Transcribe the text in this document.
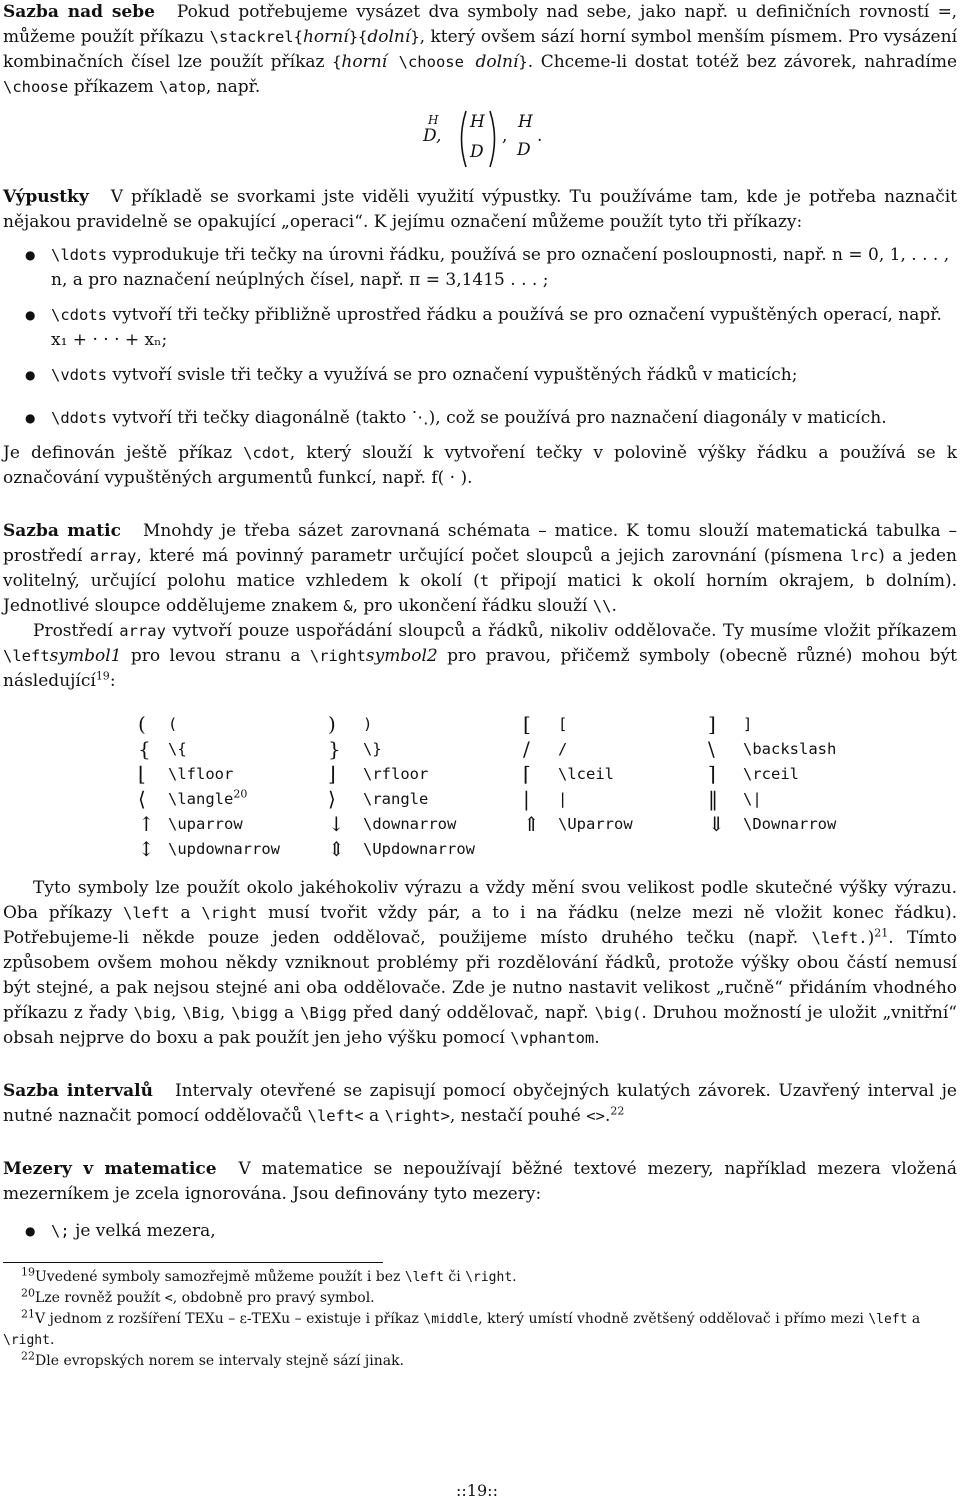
Sazba nad sebe Pokud potřebujeme vysázet dva symboly nad sebe, jako např. u definičních rovností
=, můžeme použít příkazu \stackrel{horní}{dolní}, který ovšem sází horní symbol menším písmem. Pro vysázení kombinačních čísel lze použít příkaz {horní \choose dolní}. Chceme-li dostat totéž bez závorek, nahradíme \choose příkazem \atop, např.

H
D,
H
D
,
H
D
.

Výpustky V příkladě se svorkami jste viděli využití výpustky. Tu používáme tam, kde je potřeba naznačit nějakou pravidelně se opakující „operaci“. K jejímu označení můžeme použít tyto tři příkazy:

● \ldots vyprodukuje tři tečky na úrovni řádku, používá se pro označení posloupnosti, např. n = 0, 1, . . . , n, a pro naznačení neúplných čísel, např. π = 3,1415 . . . ;
● \cdots vytvoří tři tečky přibližně uprostřed řádku a používá se pro označení vypuštěných operací, např. x₁ + · · · + xₙ;
● \vdots vytvoří svisle tři tečky a využívá se pro označení vypuštěných řádků v maticích;
● \ddots vytvoří tři tečky diagonálně (takto ⋱), což se používá pro naznačení diagonály v maticích.

Je definován ještě příkaz \cdot, který slouží k vytvoření tečky v polovině výšky řádku a používá se k označování vypuštěných argumentů funkcí, např. f( · ).

Sazba matic Mnohdy je třeba sázet zarovnaná schémata – matice. K tomu slouží matematická tabulka – prostředí array, které má povinný parametr určující počet sloupců a jejich zarovnání (písmena lrc) a jeden volitelný, určující polohu matice vzhledem k okolí (t připojí matici k okolí horním okrajem, b dolním). Jednotlivé sloupce oddělujeme znakem &, pro ukončení řádku slouží \\.

Prostředí array vytvoří pouze uspořádání sloupců a řádků, nikoliv oddělovače. Ty musíme vložit příkazem \leftsymbol1 pro levou stranu a \rightsymbol2 pro pravou, přičemž symboly (obecně různé) mohou být následující$^{19}$:

(	(	)	)	[	[	]	]
{	\{	}	\}	/	/	\	\backslash
⌊	\lfloor	⌋	\rfloor	⌈	\lceil	⌉	\rceil
⟨	\langle$^{20}$	⟩	\rangle	|	|	‖	\|
↑ \uparrow	↓	\downarrow	⇑	\Uparrow	⇓	\Downarrow
↕ \updownarrow	⇕	\Updownarrow

Tyto symboly lze použít okolo jakéhokoliv výrazu a vždy mění svou velikost podle skutečné výšky výrazu. Oba příkazy \left a \right musí tvořit vždy pár, a to i na řádku (nelze mezi ně vložit konec řádku). Potřebujeme-li někde pouze jeden oddělovač, použijeme místo druhého tečku (např. \left.)$^{21}$. Tímto způsobem ovšem mohou někdy vzniknout problémy při rozdělování řádků, protože výšky obou částí nemusí být stejné, a pak nejsou stejné ani oba oddělovače. Zde je nutno nastavit velikost „ručně“ přidáním vhodného příkazu z řady \big, \Big, \bigg a \Bigg před daný oddělovač, např. \big(. Druhou možností je uložit „vnitřní“ obsah nejprve do boxu a pak použít jen jeho výšku pomocí \vphantom.

Sazba intervalů Intervaly otevřené se zapisují pomocí obyčejných kulatých závorek. Uzavřený interval je nutné naznačit pomocí oddělovačů \left< a \right>, nestačí pouhé <>.$^{22}$

Mezery v matematice V matematice se nepoužívají běžné textové mezery, například mezera vložená mezerníkem je zcela ignorována. Jsou definovány tyto mezery:

● \; je velká mezera,
$^{19}$Uvedené symboly samozřejmě můžeme použít i bez \left či \right.
$^{20}$Lze rovněž použít <, obdobně pro pravý symbol.
$^{21}$V jednom z rozšíření TEXu – ε-TEXu – existuje i příkaz \middle, který umístí vhodně zvětšený oddělovač i přímo mezi \left a \right.
$^{22}$Dle evropských norem se intervaly stejně sází jinak.
::19::
